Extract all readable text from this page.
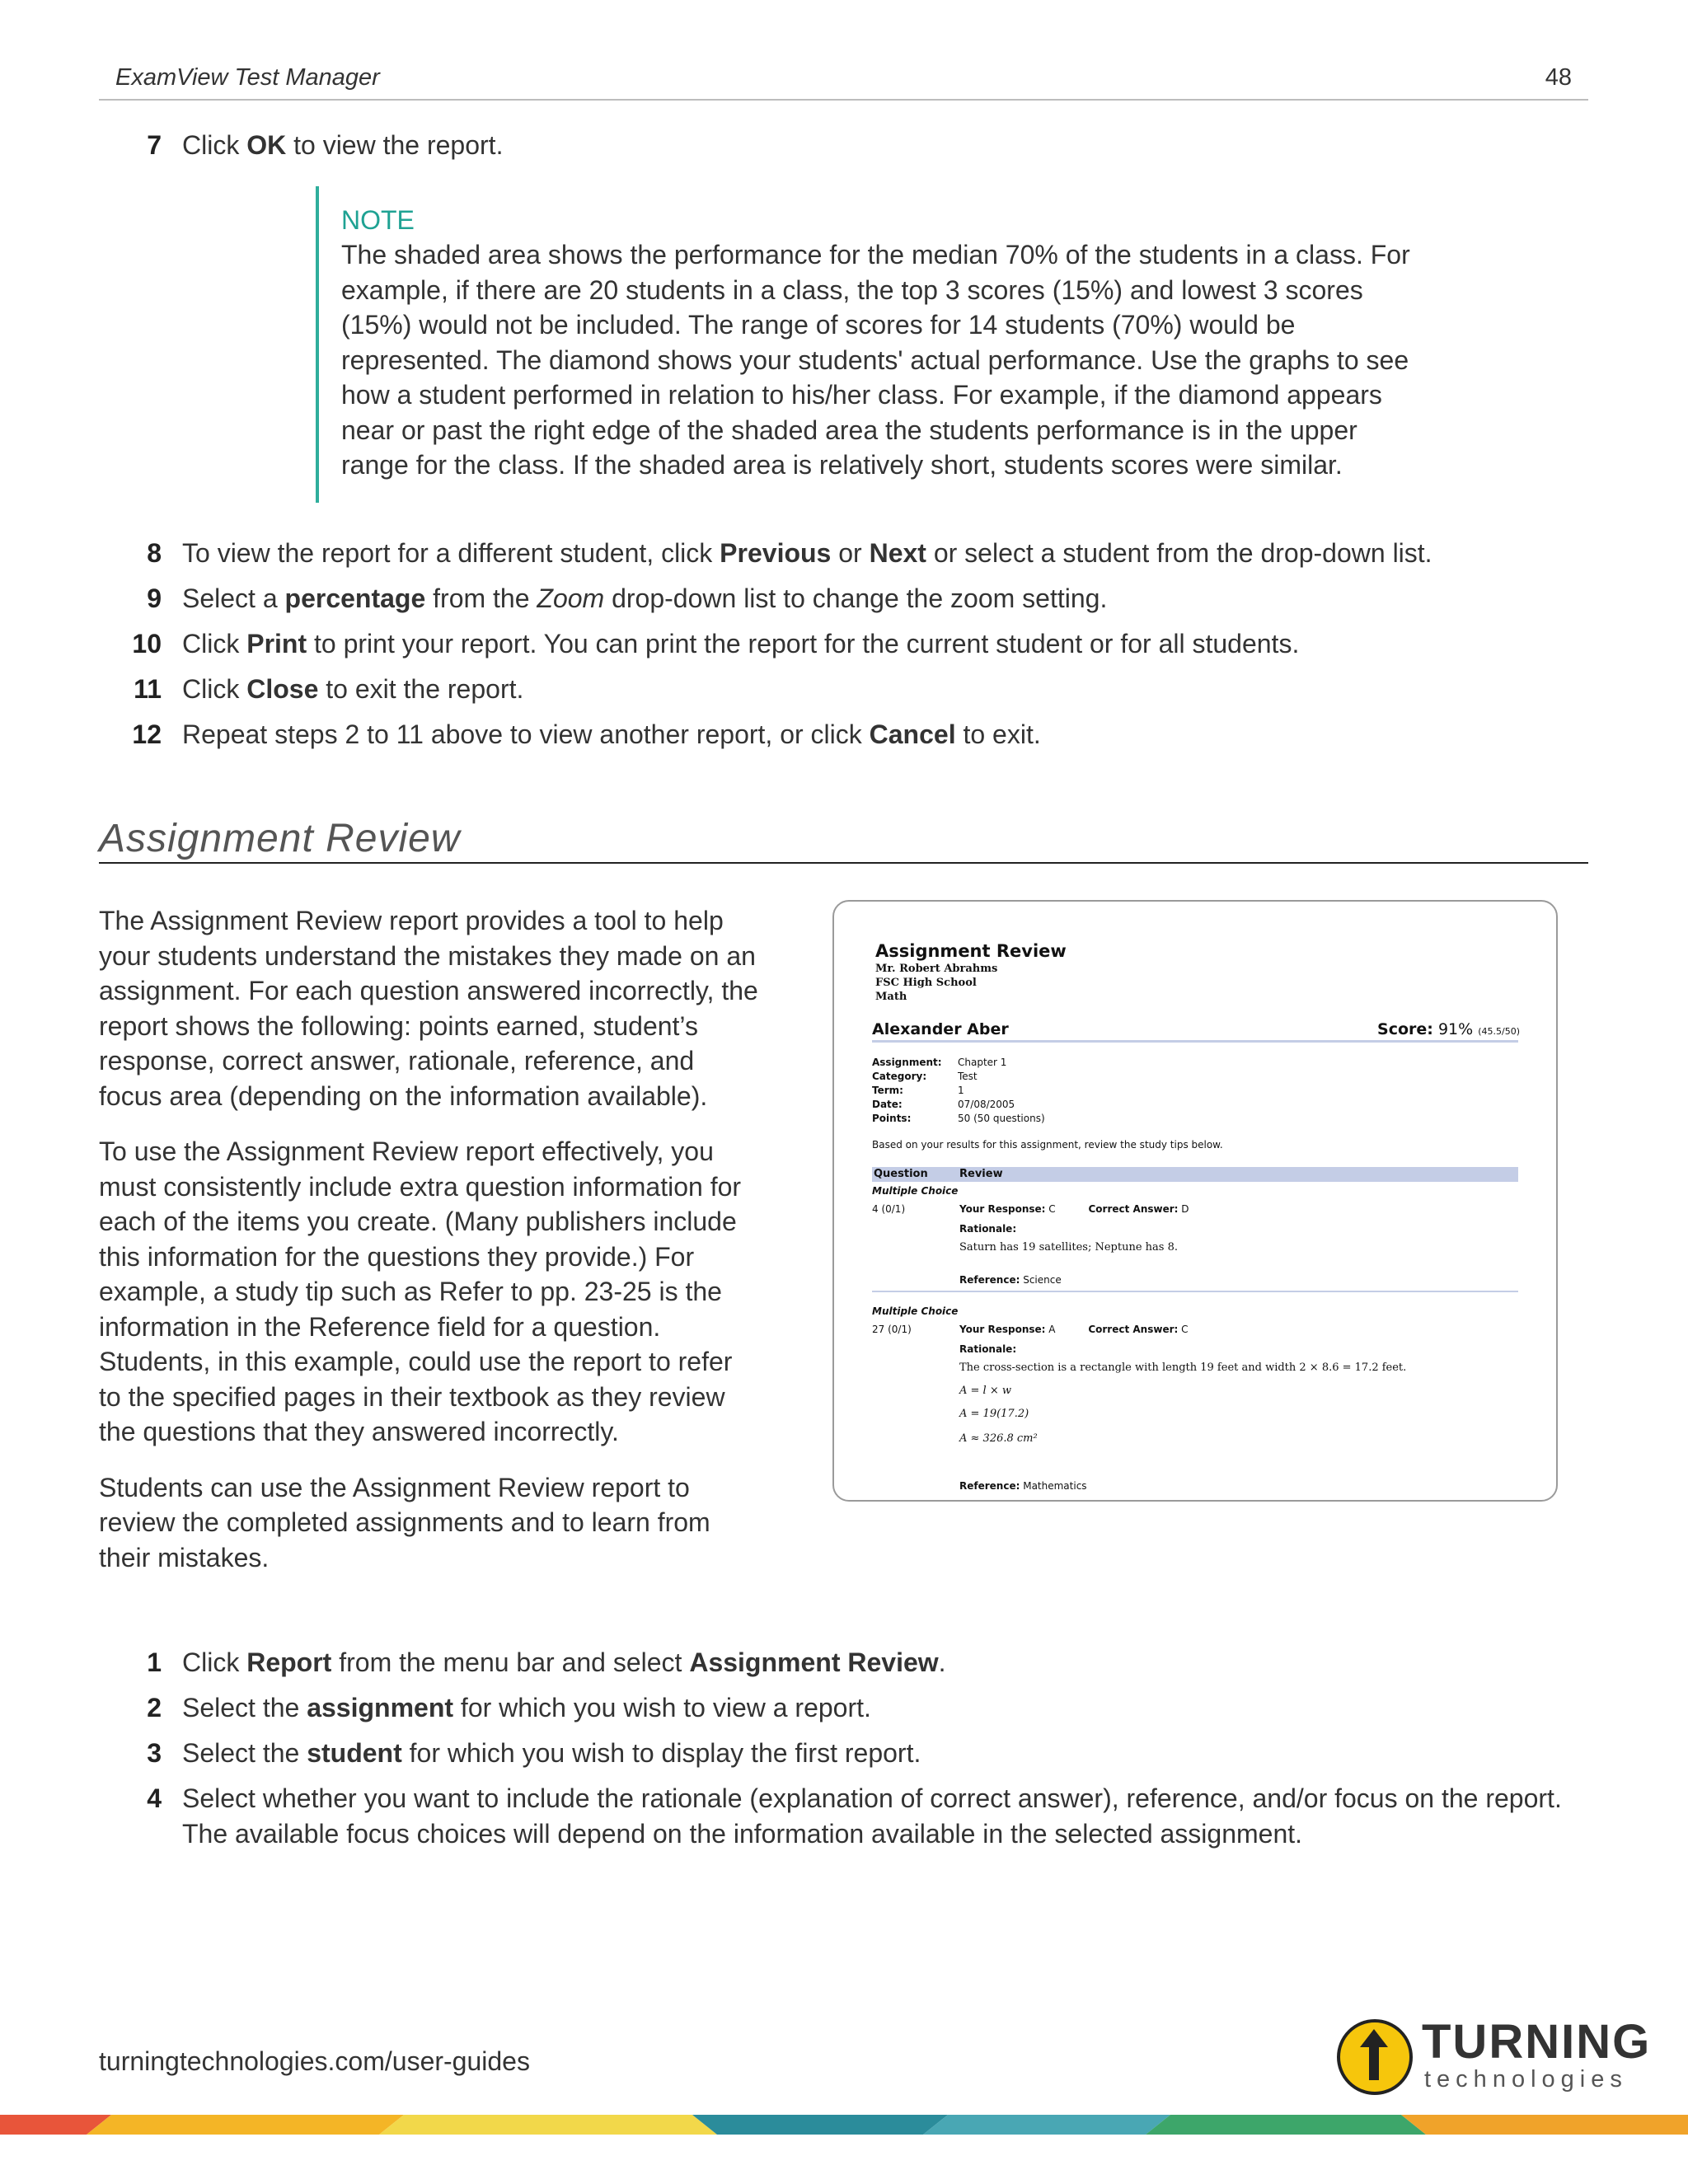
ExamView Test Manager	48
7 Click OK to view the report.
NOTE
The shaded area shows the performance for the median 70% of the students in a class. For example, if there are 20 students in a class, the top 3 scores (15%) and lowest 3 scores (15%) would not be included. The range of scores for 14 students (70%) would be represented. The diamond shows your students' actual performance. Use the graphs to see how a student performed in relation to his/her class. For example, if the diamond appears near or past the right edge of the shaded area the students performance is in the upper range for the class. If the shaded area is relatively short, students scores were similar.
8 To view the report for a different student, click Previous or Next or select a student from the drop-down list.
9 Select a percentage from the Zoom drop-down list to change the zoom setting.
10 Click Print to print your report. You can print the report for the current student or for all students.
11 Click Close to exit the report.
12 Repeat steps 2 to 11 above to view another report, or click Cancel to exit.
Assignment Review

The Assignment Review report provides a tool to help your students understand the mistakes they made on an assignment. For each question answered incorrectly, the report shows the following: points earned, student’s response, correct answer, rationale, reference, and focus area (depending on the information available).

To use the Assignment Review report effectively, you must consistently include extra question information for each of the items you create. (Many publishers include this information for the questions they provide.) For example, a study tip such as Refer to pp. 23-25 is the information in the Reference field for a question. Students, in this example, could use the report to refer to the specified pages in their textbook as they review the questions that they answered incorrectly.

Students can use the Assignment Review report to review the completed assignments and to learn from their mistakes.

Assignment Review
Mr. Robert Abrahms
FSC High School
Math
Alexander Aber	Score: 91% (45.5/50)
Assignment: Chapter 1
Category:	Test
Term:	1
Date:	07/08/2005
Points:	50 (50 questions)
Based on your results for this assignment, review the study tips below.
Question	Review
Multiple Choice
4 (0/1)	Your Response: C	Correct Answer: D
Rationale:
Saturn has 19 satellites; Neptune has 8.
Reference: Science
Multiple Choice
27 (0/1)	Your Response: A	Correct Answer: C
Rationale:
The cross-section is a rectangle with length 19 feet and width 2 × 8.6 = 17.2 feet.
A = l × w
A = 19(17.2)
A ≈ 326.8 cm²
Reference: Mathematics
1 Click Report from the menu bar and select Assignment Review.
2 Select the assignment for which you wish to view a report.
3 Select the student for which you wish to display the first report.
4 Select whether you want to include the rationale (explanation of correct answer), reference, and/or focus on the report. The available focus choices will depend on the information available in the selected assignment.
turningtechnologies.com/user-guides	TURNING
technologies
